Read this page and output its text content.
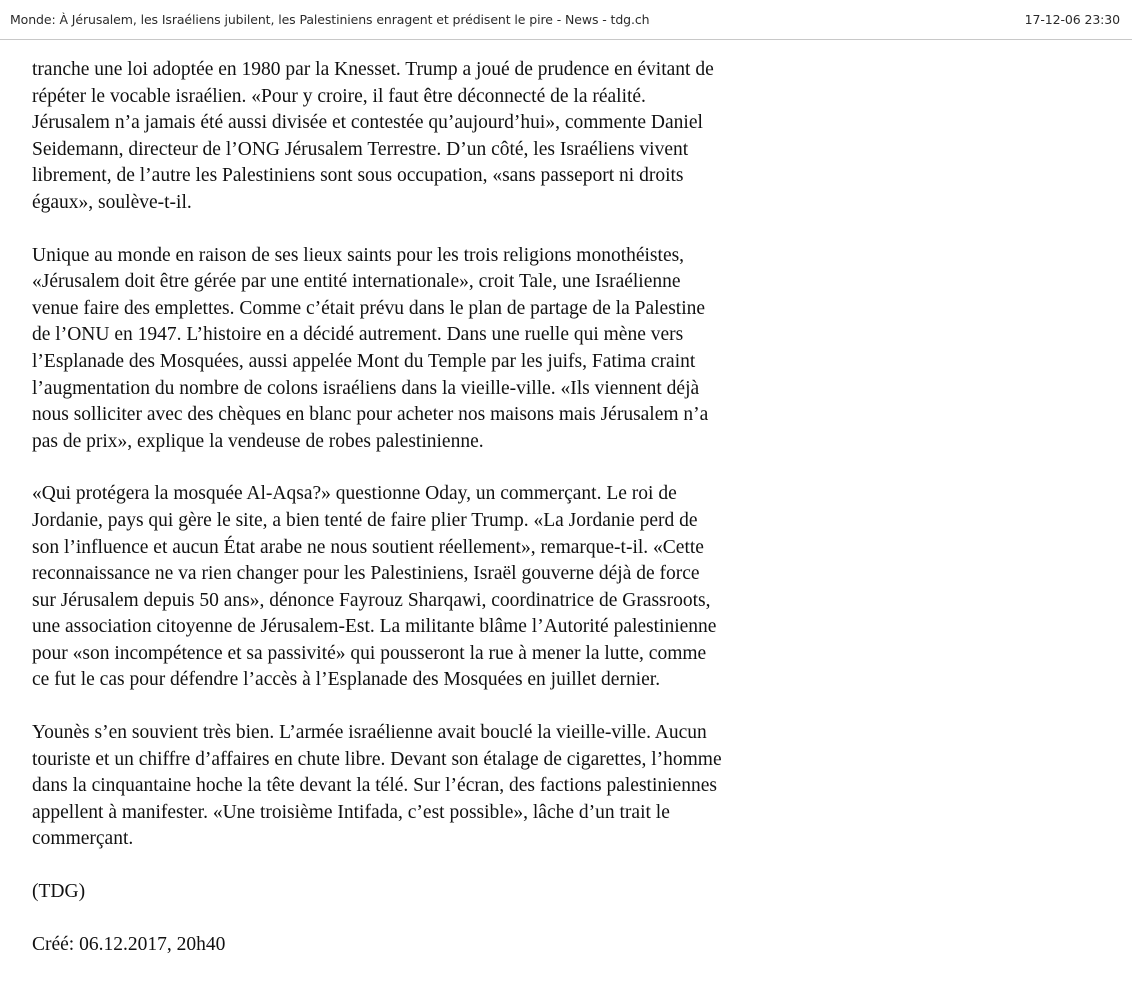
Monde: À Jérusalem, les Israéliens jubilent, les Palestiniens enragent et prédisent le pire - News - tdg.ch	17-12-06 23:30

tranche une loi adoptée en 1980 par la Knesset. Trump a joué de prudence en évitant de répéter le vocable israélien. «Pour y croire, il faut être déconnecté de la réalité. Jérusalem n’a jamais été aussi divisée et contestée qu’aujourd’hui», commente Daniel Seidemann, directeur de l’ONG Jérusalem Terrestre. D’un côté, les Israéliens vivent librement, de l’autre les Palestiniens sont sous occupation, «sans passeport ni droits égaux», soulève-t-il.

Unique au monde en raison de ses lieux saints pour les trois religions monothéistes, «Jérusalem doit être gérée par une entité internationale», croit Tale, une Israélienne venue faire des emplettes. Comme c’était prévu dans le plan de partage de la Palestine de l’ONU en 1947. L’histoire en a décidé autrement. Dans une ruelle qui mène vers l’Esplanade des Mosquées, aussi appelée Mont du Temple par les juifs, Fatima craint l’augmentation du nombre de colons israéliens dans la vieille-ville. «Ils viennent déjà nous solliciter avec des chèques en blanc pour acheter nos maisons mais Jérusalem n’a pas de prix», explique la vendeuse de robes palestinienne.

«Qui protégera la mosquée Al-Aqsa?» questionne Oday, un commerçant. Le roi de Jordanie, pays qui gère le site, a bien tenté de faire plier Trump. «La Jordanie perd de son l’influence et aucun État arabe ne nous soutient réellement», remarque-t-il. «Cette reconnaissance ne va rien changer pour les Palestiniens, Israël gouverne déjà de force sur Jérusalem depuis 50 ans», dénonce Fayrouz Sharqawi, coordinatrice de Grassroots, une association citoyenne de Jérusalem-Est. La militante blâme l’Autorité palestinienne pour «son incompétence et sa passivité» qui pousseront la rue à mener la lutte, comme ce fut le cas pour défendre l’accès à l’Esplanade des Mosquées en juillet dernier.

Younès s’en souvient très bien. L’armée israélienne avait bouclé la vieille-ville. Aucun touriste et un chiffre d’affaires en chute libre. Devant son étalage de cigarettes, l’homme dans la cinquantaine hoche la tête devant la télé. Sur l’écran, des factions palestiniennes appellent à manifester. «Une troisième Intifada, c’est possible», lâche d’un trait le commerçant.

(TDG)

Créé: 06.12.2017, 20h40
